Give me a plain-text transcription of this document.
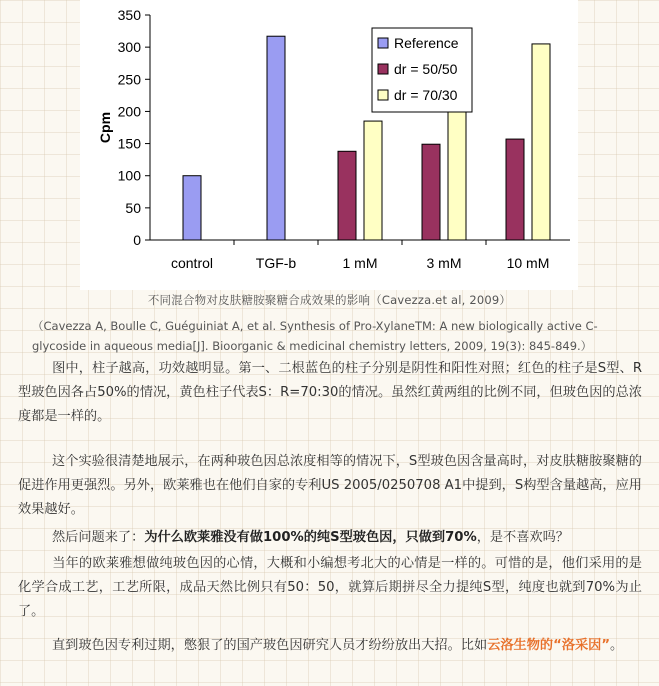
0
50
100
150
200
250
300
350
Cpm
control	TGF-b	1 mM	3 mM	10 mM
Reference
dr = 50/50
dr = 70/30
不同混合物对皮肤糖胺聚糖合成效果的影响（Cavezza.et al, 2009）
（Cavezza A, Boulle C, Guéguiniat A, et al. Synthesis of Pro-XylaneTM: A new biologically active C-
glycoside in aqueous media[J]. Bioorganic & medicinal chemistry letters, 2009, 19(3): 845-849.）

图中，柱子越高，功效越明显。第一、二根蓝色的柱子分别是阴性和阳性对照；红色的柱子是S型、R型玻色因各占50%的情况，黄色柱子代表S：R=70:30的情况。虽然红黄两组的比例不同，但玻色因的总浓度都是一样的。

这个实验很清楚地展示，在两种玻色因总浓度相等的情况下，S型玻色因含量高时，对皮肤糖胺聚糖的促进作用更强烈。另外，欧莱雅也在他们自家的专利US 2005/0250708 A1中提到，S构型含量越高，应用效果越好。

然后问题来了：为什么欧莱雅没有做100%的纯S型玻色因，只做到70%，是不喜欢吗？

当年的欧莱雅想做纯玻色因的心情，大概和小编想考北大的心情是一样的。可惜的是，他们采用的是化学合成工艺，工艺所限，成品天然比例只有50：50，就算后期拼尽全力提纯S型，纯度也就到70%为止了。

直到玻色因专利过期，憋狠了的国产玻色因研究人员才纷纷放出大招。比如云洛生物的“洛采因”。
